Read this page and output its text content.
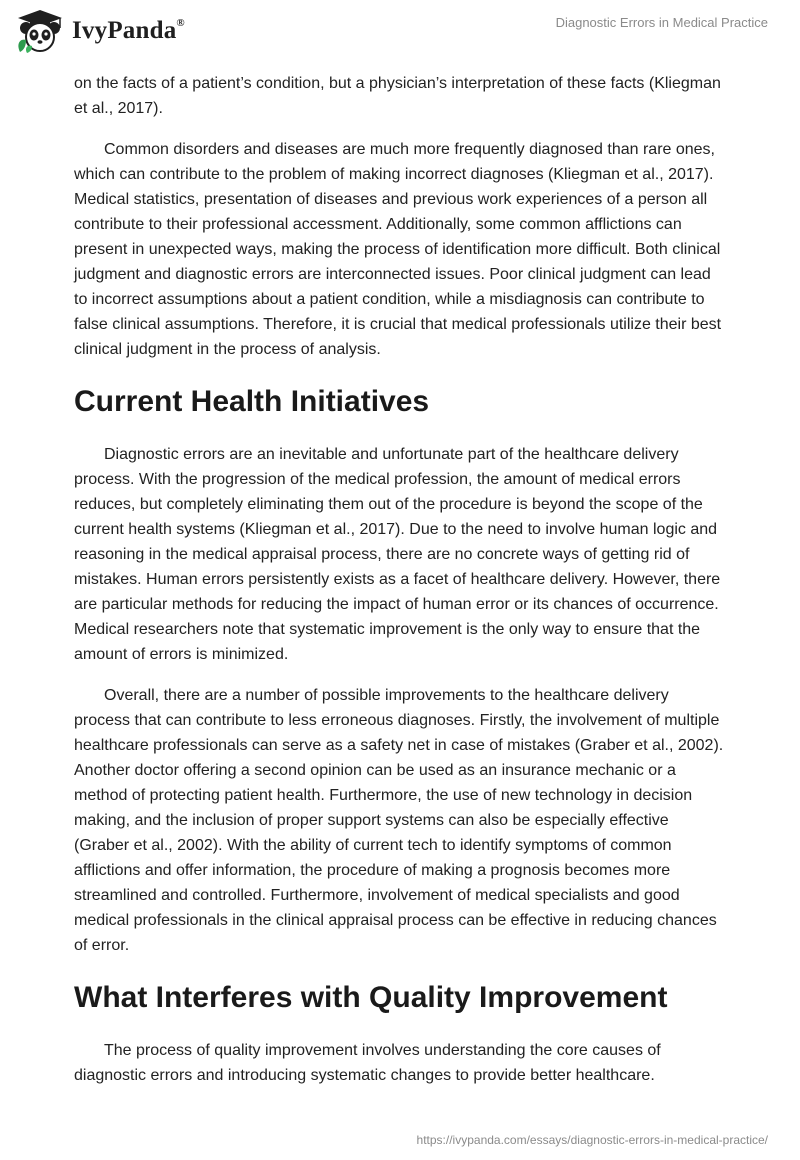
IvyPanda®	Diagnostic Errors in Medical Practice

on the facts of a patient’s condition, but a physician’s interpretation of these facts (Kliegman et al., 2017).

Common disorders and diseases are much more frequently diagnosed than rare ones, which can contribute to the problem of making incorrect diagnoses (Kliegman et al., 2017). Medical statistics, presentation of diseases and previous work experiences of a person all contribute to their professional accessment. Additionally, some common afflictions can present in unexpected ways, making the process of identification more difficult. Both clinical judgment and diagnostic errors are interconnected issues. Poor clinical judgment can lead to incorrect assumptions about a patient condition, while a misdiagnosis can contribute to false clinical assumptions. Therefore, it is crucial that medical professionals utilize their best clinical judgment in the process of analysis.

Current Health Initiatives

Diagnostic errors are an inevitable and unfortunate part of the healthcare delivery process. With the progression of the medical profession, the amount of medical errors reduces, but completely eliminating them out of the procedure is beyond the scope of the current health systems (Kliegman et al., 2017). Due to the need to involve human logic and reasoning in the medical appraisal process, there are no concrete ways of getting rid of mistakes. Human errors persistently exists as a facet of healthcare delivery. However, there are particular methods for reducing the impact of human error or its chances of occurrence. Medical researchers note that systematic improvement is the only way to ensure that the amount of errors is minimized.

Overall, there are a number of possible improvements to the healthcare delivery process that can contribute to less erroneous diagnoses. Firstly, the involvement of multiple healthcare professionals can serve as a safety net in case of mistakes (Graber et al., 2002). Another doctor offering a second opinion can be used as an insurance mechanic or a method of protecting patient health. Furthermore, the use of new technology in decision making, and the inclusion of proper support systems can also be especially effective (Graber et al., 2002). With the ability of current tech to identify symptoms of common afflictions and offer information, the procedure of making a prognosis becomes more streamlined and controlled. Furthermore, involvement of medical specialists and good medical professionals in the clinical appraisal process can be effective in reducing chances of error.

What Interferes with Quality Improvement

The process of quality improvement involves understanding the core causes of diagnostic errors and introducing systematic changes to provide better healthcare.

https://ivypanda.com/essays/diagnostic-errors-in-medical-practice/
